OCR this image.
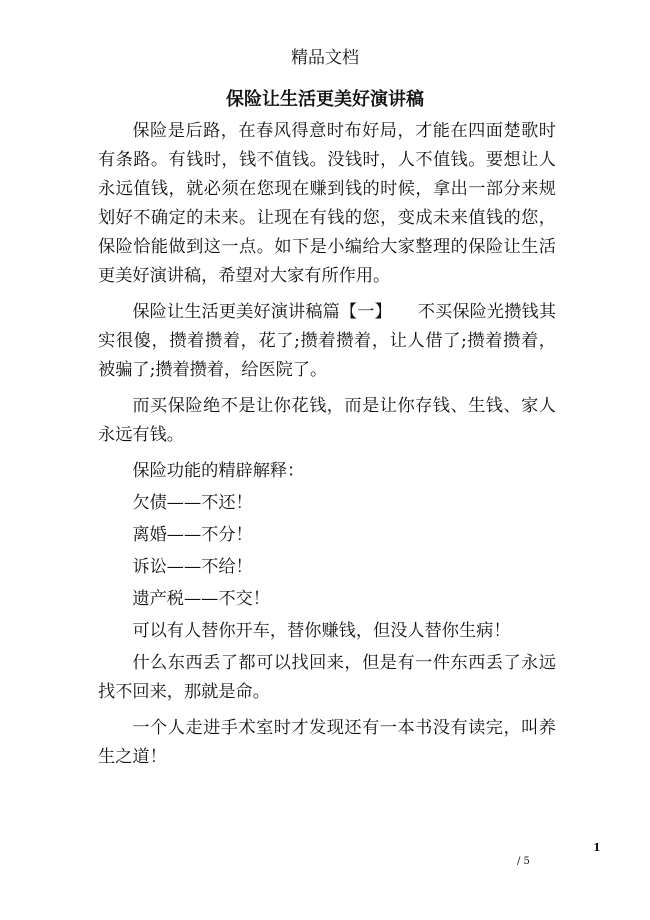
精品文档
保险让生活更美好演讲稿

保险是后路，在春风得意时布好局，才能在四面楚歌时有条路。有钱时，钱不值钱。没钱时，人不值钱。要想让人永远值钱，就必须在您现在赚到钱的时候，拿出一部分来规划好不确定的未来。让现在有钱的您，变成未来值钱的您，保险恰能做到这一点。如下是小编给大家整理的保险让生活更美好演讲稿，希望对大家有所作用。

保险让生活更美好演讲稿篇【一】　　不买保险光攒钱其实很傻，攒着攒着，花了;攒着攒着，让人借了;攒着攒着，被骗了;攒着攒着，给医院了。

而买保险绝不是让你花钱，而是让你存钱、生钱、家人永远有钱。

保险功能的精辟解释：

欠债——不还！

离婚——不分！

诉讼——不给！

遗产税——不交！

可以有人替你开车，替你赚钱，但没人替你生病！

什么东西丢了都可以找回来，但是有一件东西丢了永远找不回来，那就是命。

一个人走进手术室时才发现还有一本书没有读完，叫养生之道！

1
/ 5
